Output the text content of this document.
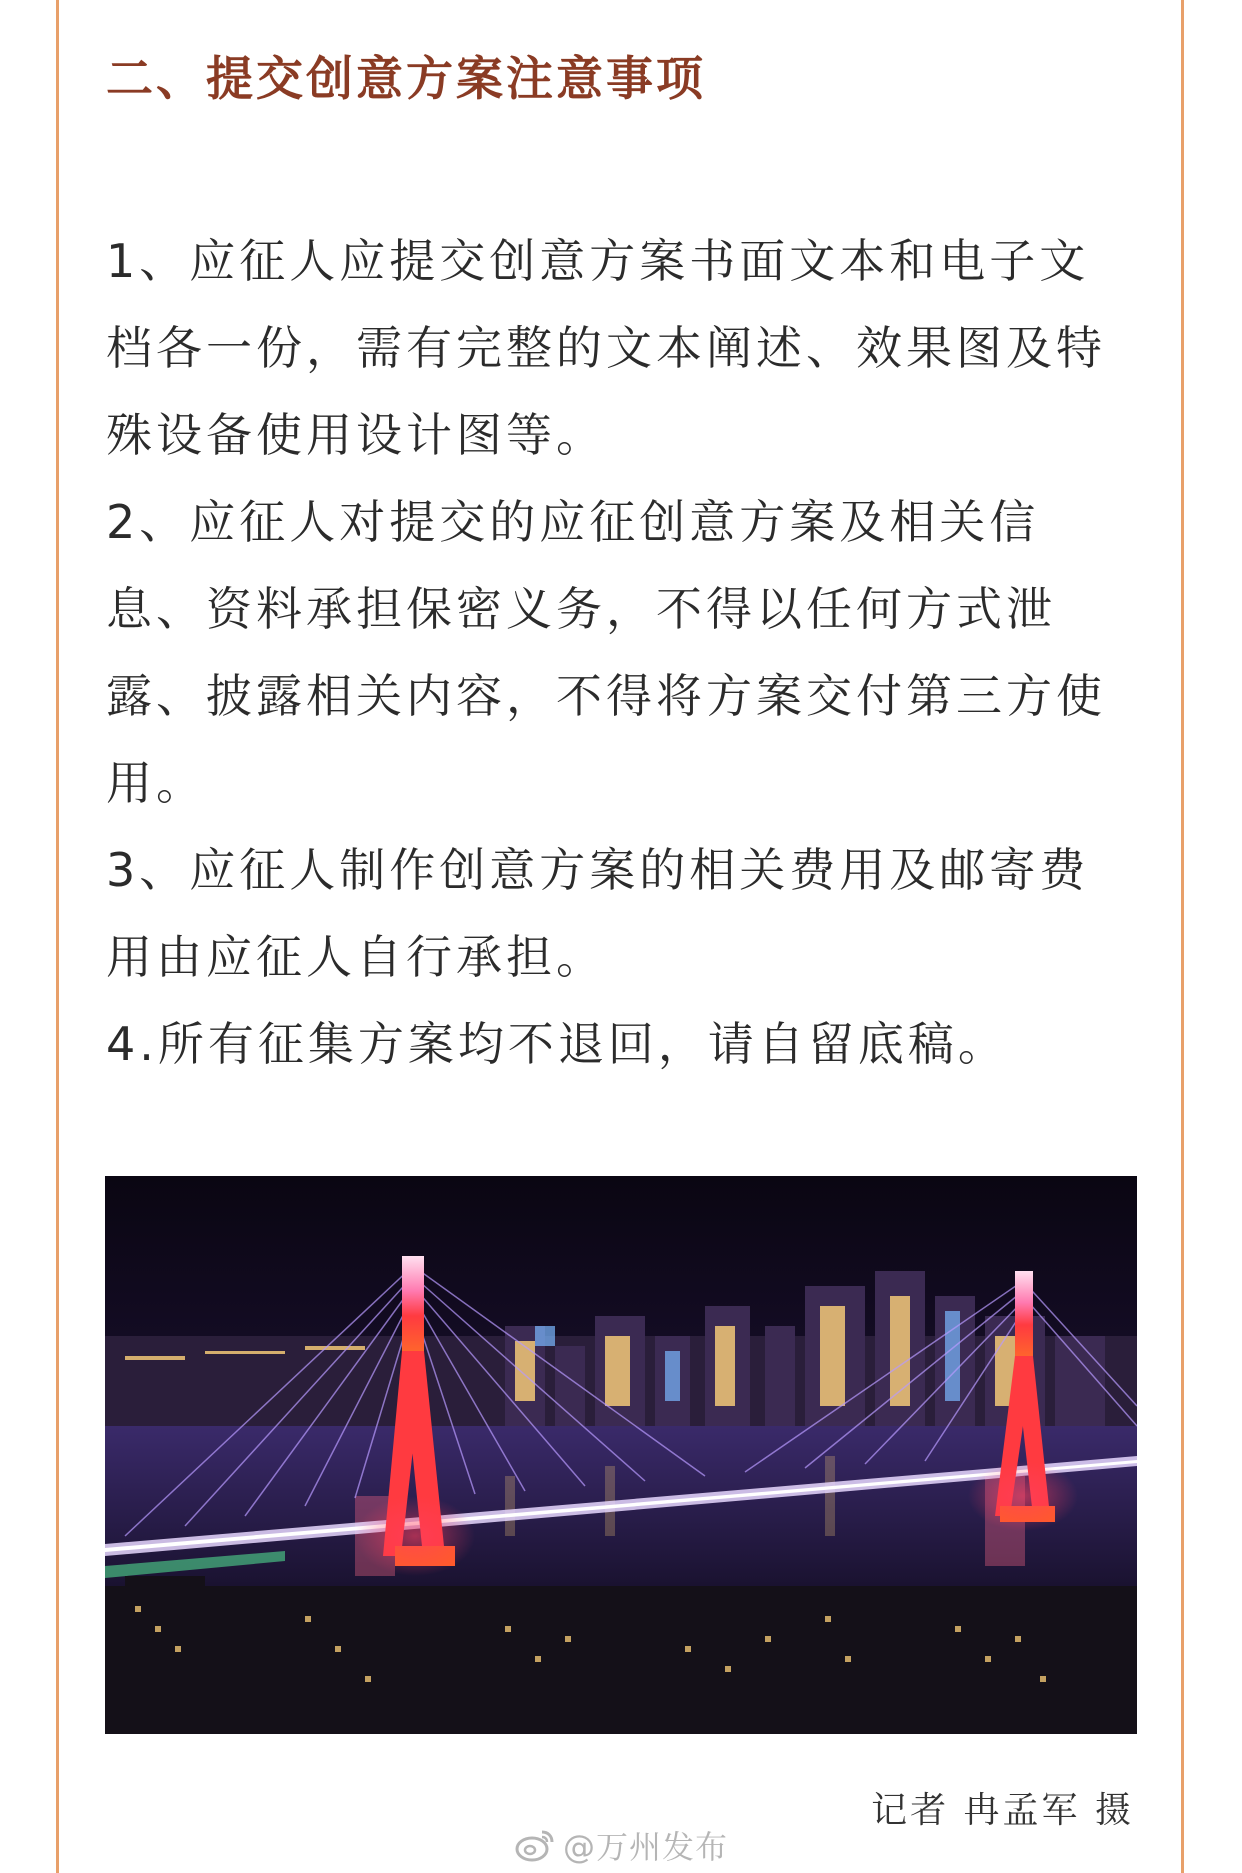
二、提交创意方案注意事项

1、应征人应提交创意方案书面文本和电子文档各一份，需有完整的文本阐述、效果图及特殊设备使用设计图等。

2、应征人对提交的应征创意方案及相关信息、资料承担保密义务，不得以任何方式泄露、披露相关内容，不得将方案交付第三方使用。

3、应征人制作创意方案的相关费用及邮寄费用由应征人自行承担。

4.所有征集方案均不退回，请自留底稿。

记者 冉孟军 摄
@万州发布
